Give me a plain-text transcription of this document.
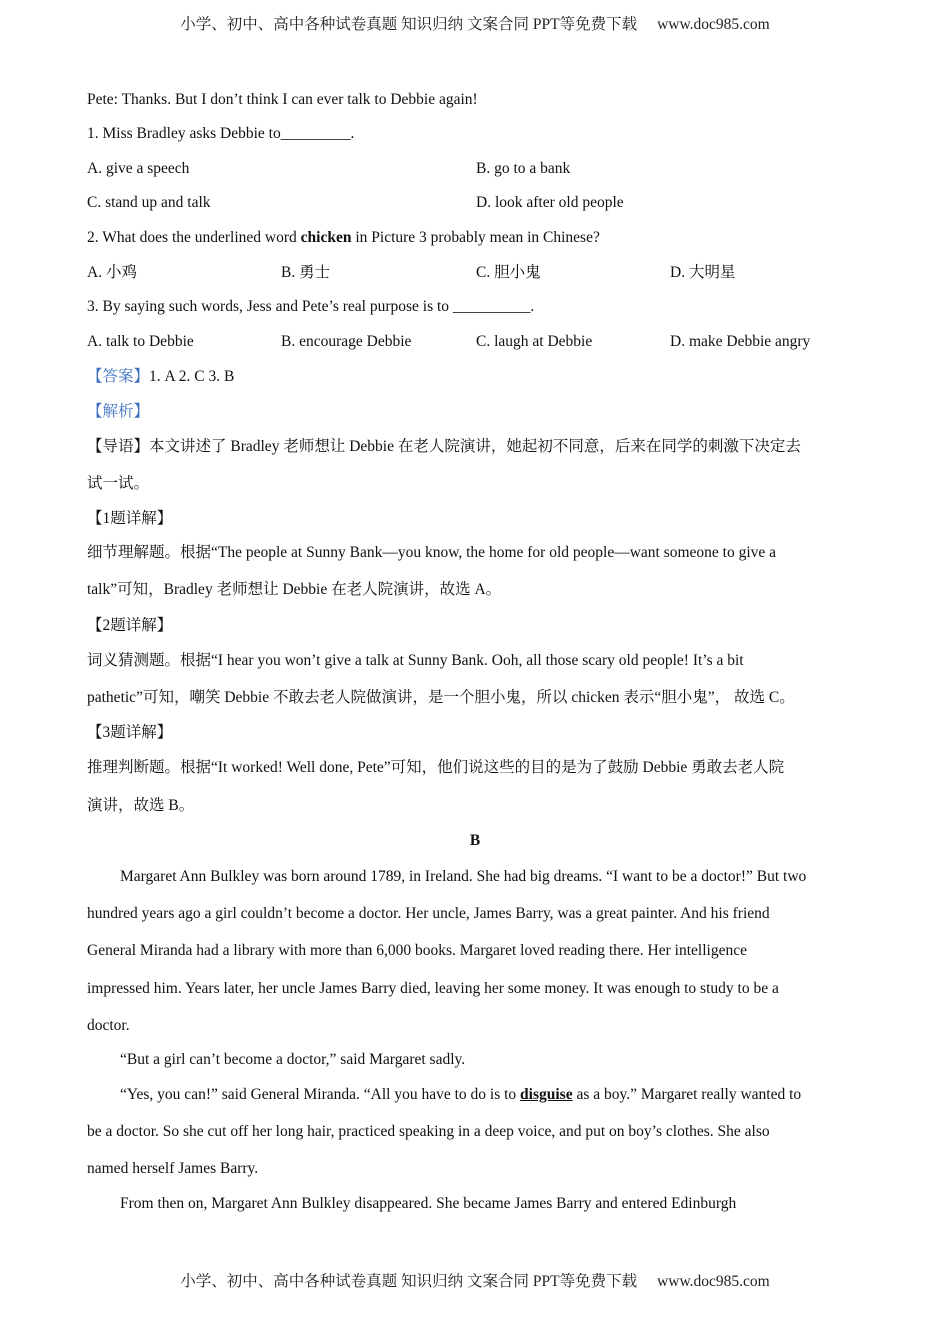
小学、初中、高中各种试卷真题 知识归纳 文案合同 PPT等免费下载 www.doc985.com
Pete: Thanks. But I don’t think I can ever talk to Debbie again!
1. Miss Bradley asks Debbie to_________.
A. give a speech	B. go to a bank
C. stand up and talk	D. look after old people
2. What does the underlined word chicken in Picture 3 probably mean in Chinese?
A. 小鸡	B. 勇士	C. 胆小鬼	D. 大明星
3. By saying such words, Jess and Pete’s real purpose is to __________.
A. talk to Debbie	B. encourage Debbie	C. laugh at Debbie	D. make Debbie angry
【答案】1. A 2. C 3. B
【解析】
【导语】本文讲述了 Bradley 老师想让 Debbie 在老人院演讲，她起初不同意，后来在同学的刺激下决定去
试一试。
【1题详解】
细节理解题。根据“The people at Sunny Bank—you know, the home for old people—want someone to give a
talk”可知，Bradley 老师想让 Debbie 在老人院演讲，故选 A。
【2题详解】
词义猜测题。根据“I hear you won’t give a talk at Sunny Bank. Ooh, all those scary old people! It’s a bit
pathetic”可知，嘲笑 Debbie 不敢去老人院做演讲，是一个胆小鬼，所以 chicken 表示“胆小鬼”， 故选 C。
【3题详解】
推理判断题。根据“It worked! Well done, Pete”可知，他们说这些的目的是为了鼓励 Debbie 勇敢去老人院
演讲，故选 B。
B
Margaret Ann Bulkley was born around 1789, in Ireland. She had big dreams. “I want to be a doctor!” But two
hundred years ago a girl couldn’t become a doctor. Her uncle, James Barry, was a great painter. And his friend
General Miranda had a library with more than 6,000 books. Margaret loved reading there. Her intelligence
impressed him. Years later, her uncle James Barry died, leaving her some money. It was enough to study to be a
doctor.
“But a girl can’t become a doctor,” said Margaret sadly.
“Yes, you can!” said General Miranda. “All you have to do is to disguise as a boy.” Margaret really wanted to
be a doctor. So she cut off her long hair, practiced speaking in a deep voice, and put on boy’s clothes. She also
named herself James Barry.
From then on, Margaret Ann Bulkley disappeared. She became James Barry and entered Edinburgh
小学、初中、高中各种试卷真题 知识归纳 文案合同 PPT等免费下载 www.doc985.com
